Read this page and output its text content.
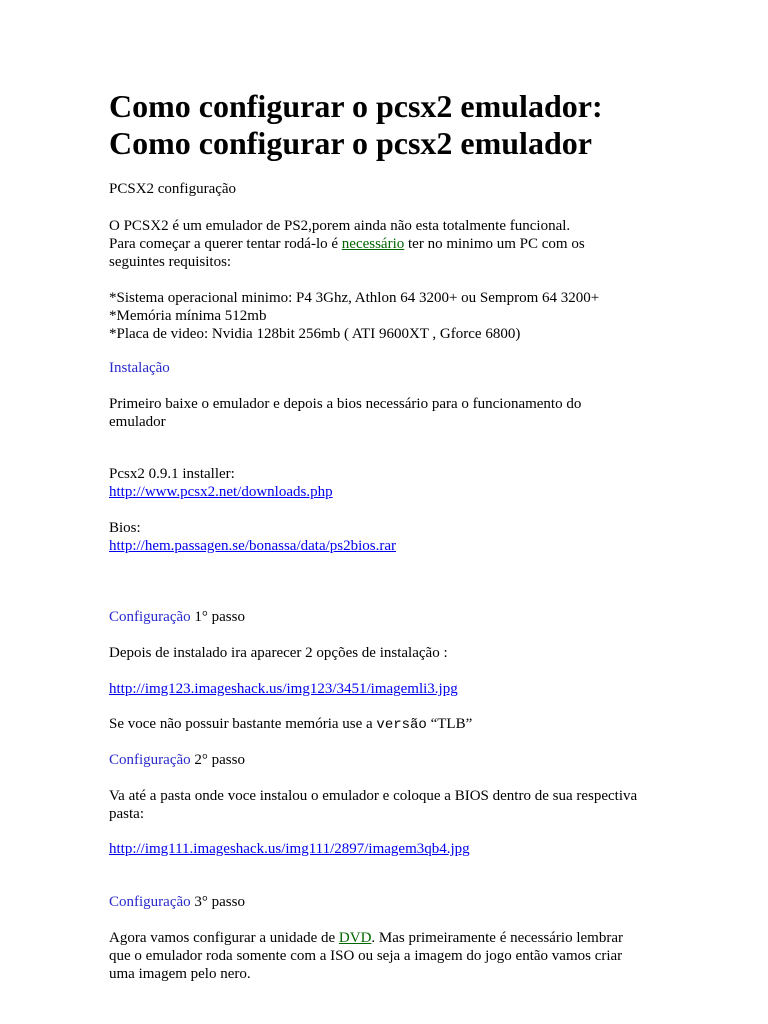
Como configurar o pcsx2 emulador:
Como configurar o pcsx2 emulador

PCSX2 configuração

O PCSX2 é um emulador de PS2,porem ainda não esta totalmente funcional.
Para começar a querer tentar rodá-lo é necessário ter no minimo um PC com os
seguintes requisitos:

*Sistema operacional minimo: P4 3Ghz, Athlon 64 3200+ ou Semprom 64 3200+
*Memória mínima 512mb
*Placa de video: Nvidia 128bit 256mb ( ATI 9600XT , Gforce 6800)

Instalação

Primeiro baixe o emulador e depois a bios necessário para o funcionamento do
emulador

Pcsx2 0.9.1 installer:
http://www.pcsx2.net/downloads.php

Bios:
http://hem.passagen.se/bonassa/data/ps2bios.rar

Configuração 1° passo

Depois de instalado ira aparecer 2 opções de instalação :

http://img123.imageshack.us/img123/3451/imagemli3.jpg

Se voce não possuir bastante memória use a versão “TLB”

Configuração 2° passo

Va até a pasta onde voce instalou o emulador e coloque a BIOS dentro de sua respectiva
pasta:

http://img111.imageshack.us/img111/2897/imagem3qb4.jpg

Configuração 3° passo

Agora vamos configurar a unidade de DVD. Mas primeiramente é necessário lembrar
que o emulador roda somente com a ISO ou seja a imagem do jogo então vamos criar
uma imagem pelo nero.
